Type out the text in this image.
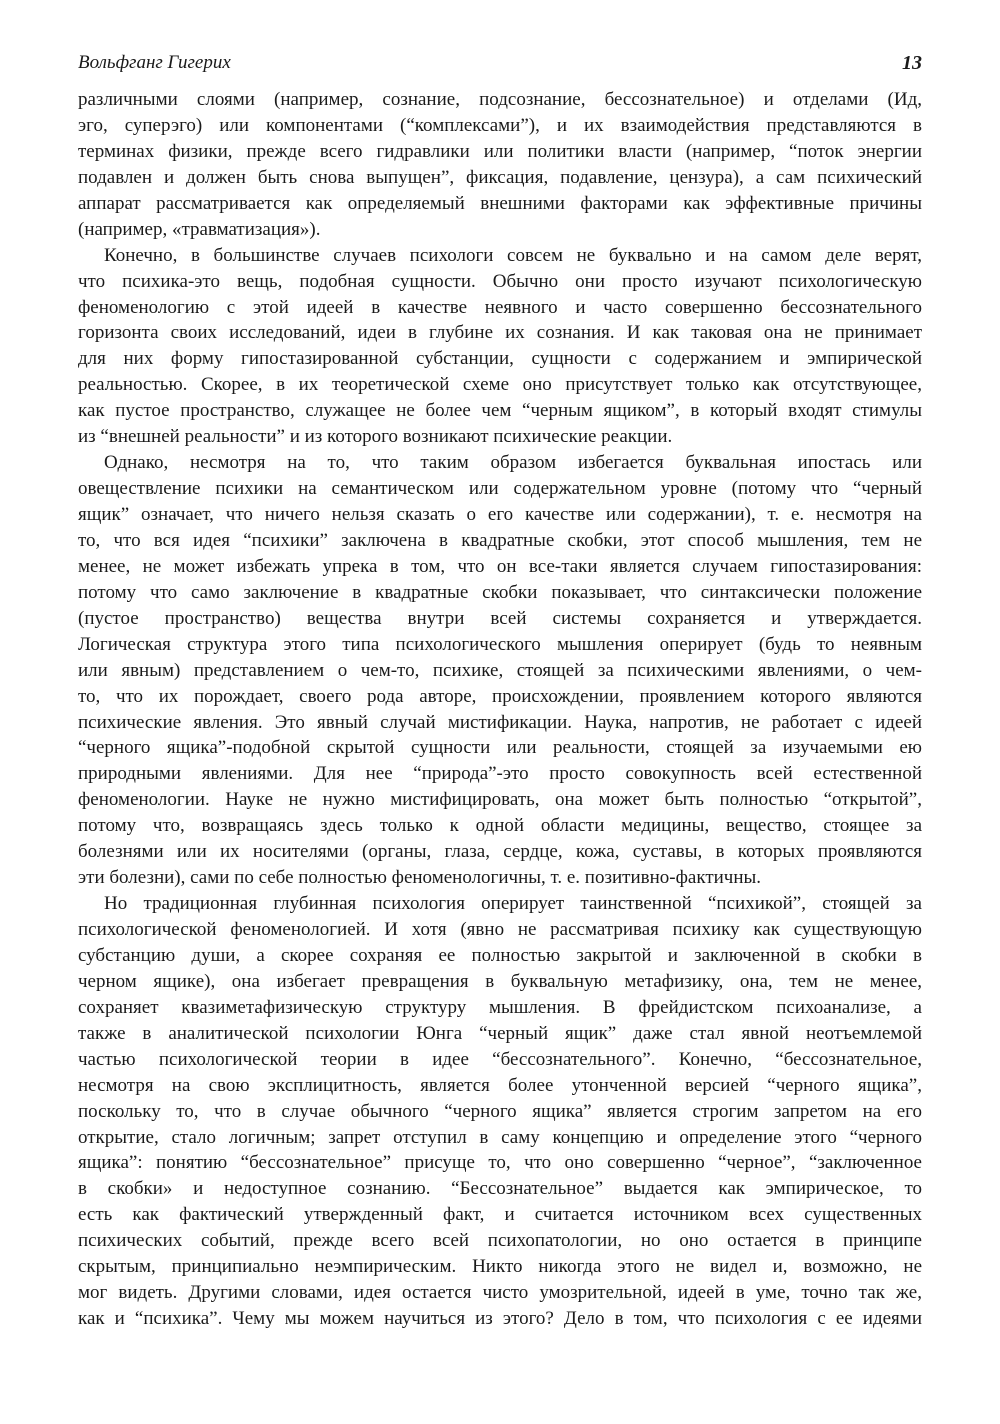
Вольфганг Гигерих	13
различными слоями (например, сознание, подсознание, бессознательное) и отделами (Ид,
эго, суперэго) или компонентами (“комплексами”), и их взаимодействия представляются в
терминах физики, прежде всего гидравлики или политики власти (например, “поток энергии
подавлен и должен быть снова выпущен”, фиксация, подавление, цензура), а сам психический
аппарат рассматривается как определяемый внешними факторами как эффективные причины
(например, «травматизация»).
Конечно, в большинстве случаев психологи совсем не буквально и на самом деле верят,
что психика-это вещь, подобная сущности. Обычно они просто изучают психологическую
феноменологию с этой идеей в качестве неявного и часто совершенно бессознательного
горизонта своих исследований, идеи в глубине их сознания. И как таковая она не принимает
для них форму гипостазированной субстанции, сущности с содержанием и эмпирической
реальностью. Скорее, в их теоретической схеме оно присутствует только как отсутствующее,
как пустое пространство, служащее не более чем “черным ящиком”, в который входят стимулы
из “внешней реальности” и из которого возникают психические реакции.
Однако, несмотря на то, что таким образом избегается буквальная ипостась или
овеществление психики на семантическом или содержательном уровне (потому что “черный
ящик” означает, что ничего нельзя сказать о его качестве или содержании), т. е. несмотря на
то, что вся идея “психики” заключена в квадратные скобки, этот способ мышления, тем не
менее, не может избежать упрека в том, что он все-таки является случаем гипостазирования:
потому что само заключение в квадратные скобки показывает, что синтаксически положение
(пустое пространство) вещества внутри всей системы сохраняется и утверждается.
Логическая структура этого типа психологического мышления оперирует (будь то неявным
или явным) представлением о чем-то, психике, стоящей за психическими явлениями, о чем-
то, что их порождает, своего рода авторе, происхождении, проявлением которого являются
психические явления. Это явный случай мистификации. Наука, напротив, не работает с идеей
“черного ящика”-подобной скрытой сущности или реальности, стоящей за изучаемыми ею
природными явлениями. Для нее “природа”-это просто совокупность всей естественной
феноменологии. Науке не нужно мистифицировать, она может быть полностью “открытой”,
потому что, возвращаясь здесь только к одной области медицины, вещество, стоящее за
болезнями или их носителями (органы, глаза, сердце, кожа, суставы, в которых проявляются
эти болезни), сами по себе полностью феноменологичны, т. е. позитивно-фактичны.
Но традиционная глубинная психология оперирует таинственной “психикой”, стоящей за
психологической феноменологией. И хотя (явно не рассматривая психику как существующую
субстанцию души, а скорее сохраняя ее полностью закрытой и заключенной в скобки в
черном ящике), она избегает превращения в буквальную метафизику, она, тем не менее,
сохраняет квазиметафизическую структуру мышления. В фрейдистском психоанализе, а
также в аналитической психологии Юнга “черный ящик” даже стал явной неотъемлемой
частью психологической теории в идее “бессознательного”. Конечно, “бессознательное,
несмотря на свою эксплицитность, является более утонченной версией “черного ящика”,
поскольку то, что в случае обычного “черного ящика” является строгим запретом на его
открытие, стало логичным; запрет отступил в саму концепцию и определение этого “черного
ящика”: понятию “бессознательное” присуще то, что оно совершенно “черное”, “заключенное
в скобки» и недоступное сознанию. “Бессознательное” выдается как эмпирическое, то
есть как фактический утвержденный факт, и считается источником всех существенных
психических событий, прежде всего всей психопатологии, но оно остается в принципе
скрытым, принципиально неэмпирическим. Никто никогда этого не видел и, возможно, не
мог видеть. Другими словами, идея остается чисто умозрительной, идеей в уме, точно так же,
как и “психика”. Чему мы можем научиться из этого? Дело в том, что психология с ее идеями
